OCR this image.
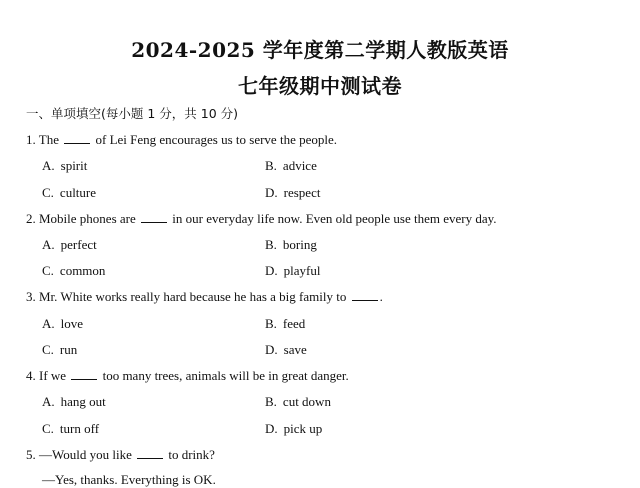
2024-2025 学年度第二学期人教版英语
七年级期中测试卷
一、单项填空(每小题 1 分，共 10 分)
1. The	of Lei Feng encourages us to serve the people.
A. spirit	B. advice
C. culture	D. respect
2. Mobile phones are	in our everyday life now. Even old people use them every day.
A. perfect	B. boring
C. common	D. playful
3. Mr. White works really hard because he has a big family to	.
A. love	B. feed
C. run	D. save
4. If we	too many trees, animals will be in great danger.
A. hang out	B. cut down
C. turn off	D. pick up
5. —Would you like	to drink?
—Yes, thanks. Everything is OK.
